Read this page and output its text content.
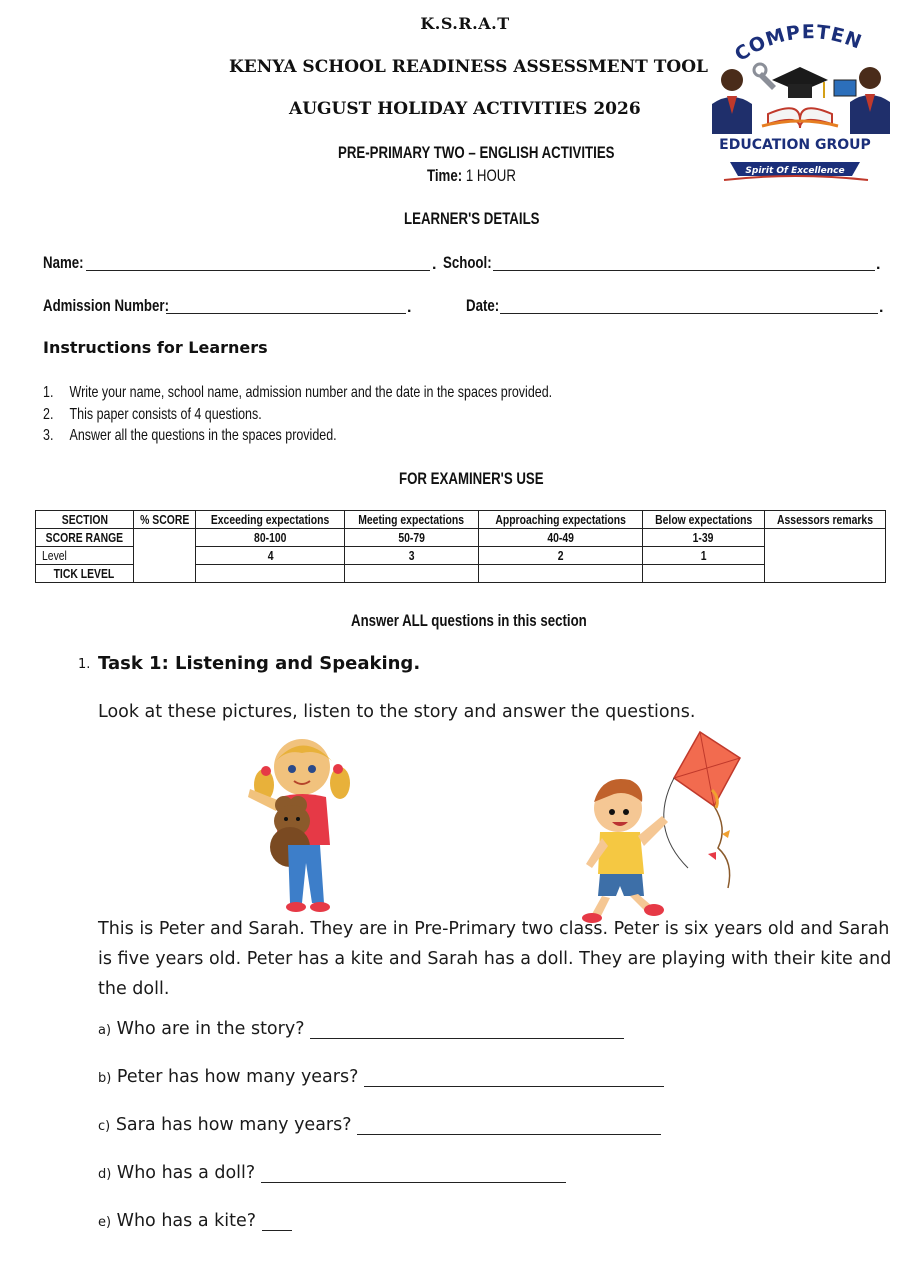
K.S.R.A.T
KENYA SCHOOL READINESS ASSESSMENT TOOL
AUGUST HOLIDAY ACTIVITIES 2026
PRE-PRIMARY TWO – ENGLISH ACTIVITIES
Time: 1 HOUR
COMPETEN
EDUCATION GROUP
Spirit Of Excellence
LEARNER'S DETAILS
Name:	. School:	.
Admission Number:	.	Date:	.
Instructions for Learners
1. Write your name, school name, admission number and the date in the spaces provided.
2. This paper consists of 4 questions.
3. Answer all the questions in the spaces provided.
FOR EXAMINER'S USE
SECTION	% SCORE	Exceeding expectations	Meeting expectations	Approaching expectations	Below expectations	Assessors remarks
SCORE RANGE		80-100	50-79	40-49	1-39	
Level		4	3	2	1	
TICK LEVEL						
Answer ALL questions in this section
1. Task 1: Listening and Speaking.
Look at these pictures, listen to the story and answer the questions.
This is Peter and Sarah. They are in Pre-Primary two class. Peter is six years old and Sarah is five years old. Peter has a kite and Sarah has a doll. They are playing with their kite and the doll.
a) Who are in the story?
b) Peter has how many years?
c) Sara has how many years?
d) Who has a doll?
e) Who has a kite?
